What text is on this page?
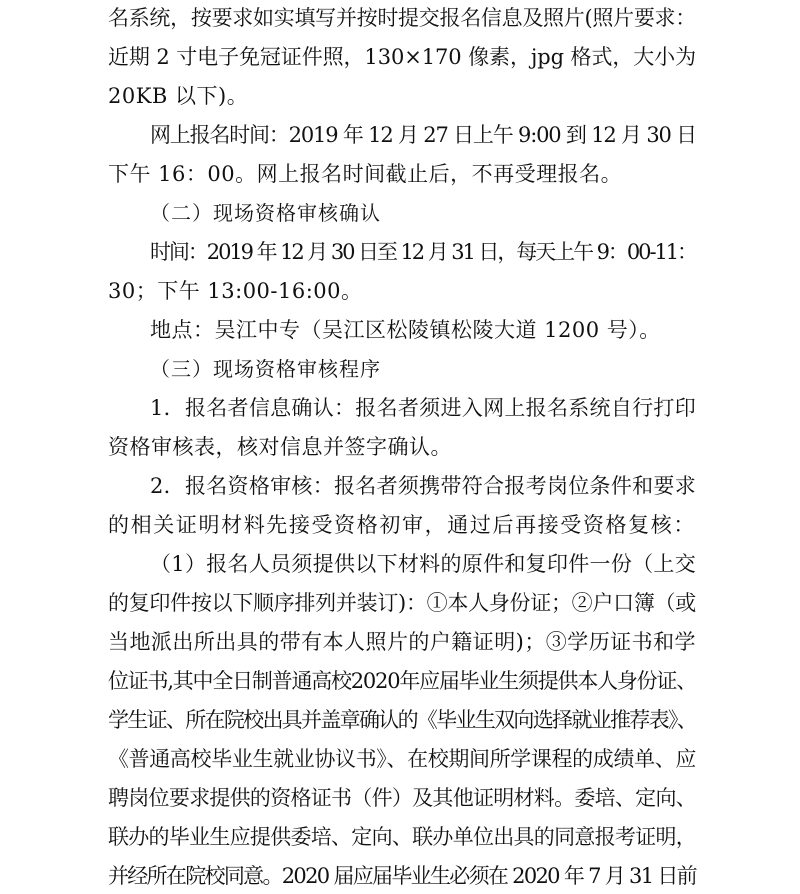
名系统，按要求如实填写并按时提交报名信息及照片(照片要求：
近期 2 寸电子免冠证件照，130×170 像素，jpg 格式，大小为
20KB 以下)。
网上报名时间：2019 年 12 月 27 日上午 9:00 到 12 月 30 日
下午 16：00。网上报名时间截止后，不再受理报名。
（二）现场资格审核确认
时间：2019 年 12 月 30 日至 12 月 31 日，每天上午 9：00-11：
30；下午 13:00-16:00。
地点：吴江中专（吴江区松陵镇松陵大道 1200 号）。
（三）现场资格审核程序
1．报名者信息确认：报名者须进入网上报名系统自行打印
资格审核表，核对信息并签字确认。
2．报名资格审核：报名者须携带符合报考岗位条件和要求
的相关证明材料先接受资格初审，通过后再接受资格复核：
（1）报名人员须提供以下材料的原件和复印件一份（上交
的复印件按以下顺序排列并装订)：①本人身份证；②户口簿（或
当地派出所出具的带有本人照片的户籍证明)；③学历证书和学
位证书,其中全日制普通高校2020年应届毕业生须提供本人身份证、
学生证、所在院校出具并盖章确认的《毕业生双向选择就业推荐表》、
《普通高校毕业生就业协议书》、在校期间所学课程的成绩单、应
聘岗位要求提供的资格证书（件）及其他证明材料。委培、定向、
联办的毕业生应提供委培、定向、联办单位出具的同意报考证明，
并经所在院校同意。2020 届应届毕业生必须在 2020 年 7 月 31 日前
